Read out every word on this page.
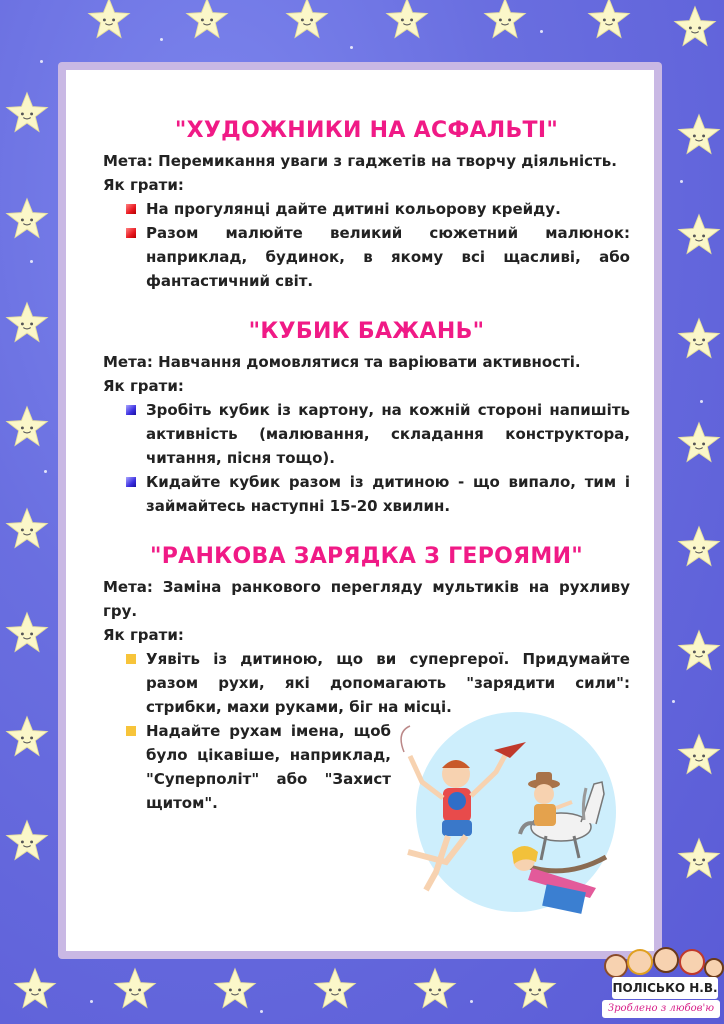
"ХУДОЖНИКИ НА АСФАЛЬТІ"

Мета: Перемикання уваги з гаджетів на творчу діяльність.

Як грати:

На прогулянці дайте дитині кольорову крейду.
Разом малюйте великий сюжетний малюнок: наприклад, будинок, в якому всі щасливі, або фантастичний світ.
"КУБИК БАЖАНЬ"

Мета: Навчання домовлятися та варіювати активності.

Як грати:

Зробіть кубик із картону, на кожній стороні напишіть активність (малювання, складання конструктора, читання, пісня тощо).
Кидайте кубик разом із дитиною - що випало, тим і займайтесь наступні 15-20 хвилин.
"РАНКОВА ЗАРЯДКА З ГЕРОЯМИ"

Мета: Заміна ранкового перегляду мультиків на рухливу гру.

Як грати:

Уявіть із дитиною, що ви супергерої. Придумайте разом рухи, які допомагають "зарядити сили": стрибки, махи руками, біг на місці.
Надайте рухам імена, щоб було цікавіше, наприклад, "Суперполіт" або "Захист щитом".
ПОЛІСЬКО Н.В.
Зроблено з любов'ю
